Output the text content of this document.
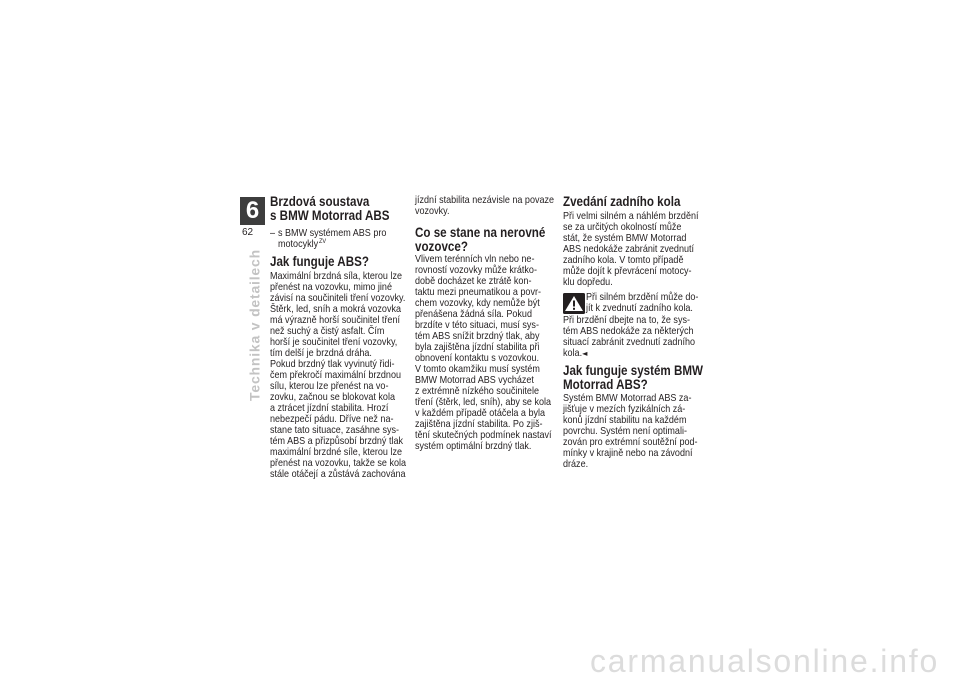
6
62
Technika v detailech
Brzdová soustava
s BMW Motorrad ABS
– s BMW systémem ABS pro
motocykly$^{ZV}$
Jak funguje ABS?
Maximální brzdná síla, kterou lze
přenést na vozovku, mimo jiné
závisí na součiniteli tření vozovky.
Štěrk, led, sníh a mokrá vozovka
má výrazně horší součinitel tření
než suchý a čistý asfalt. Čím
horší je součinitel tření vozovky,
tím delší je brzdná dráha.
Pokud brzdný tlak vyvinutý řidi-
čem překročí maximální brzdnou
sílu, kterou lze přenést na vo-
zovku, začnou se blokovat kola
a ztrácet jízdní stabilita. Hrozí
nebezpečí pádu. Dříve než na-
stane tato situace, zasáhne sys-
tém ABS a přizpůsobí brzdný tlak
maximální brzdné síle, kterou lze
přenést na vozovku, takže se kola
stále otáčejí a zůstává zachována
jízdní stabilita nezávisle na povaze
vozovky.
Co se stane na nerovné
vozovce?
Vlivem terénních vln nebo ne-
rovností vozovky může krátko-
době docházet ke ztrátě kon-
taktu mezi pneumatikou a povr-
chem vozovky, kdy nemůže být
přenášena žádná síla. Pokud
brzdíte v této situaci, musí sys-
tém ABS snížit brzdný tlak, aby
byla zajištěna jízdní stabilita při
obnovení kontaktu s vozovkou.
V tomto okamžiku musí systém
BMW Motorrad ABS vycházet
z extrémně nízkého součinitele
tření (štěrk, led, sníh), aby se kola
v každém případě otáčela a byla
zajištěna jízdní stabilita. Po zjiš-
tění skutečných podmínek nastaví
systém optimální brzdný tlak.
Zvedání zadního kola
Při velmi silném a náhlém brzdění
se za určitých okolností může
stát, že systém BMW Motorrad
ABS nedokáže zabránit zvednutí
zadního kola. V tomto případě
může dojít k převrácení motocy-
klu dopředu.
Při silném brzdění může do-
jít k zvednutí zadního kola.
Při brzdění dbejte na to, že sys-
tém ABS nedokáže za některých
situací zabránit zvednutí zadního
kola.◄
Jak funguje systém BMW
Motorrad ABS?
Systém BMW Motorrad ABS za-
jišťuje v mezích fyzikálních zá-
konů jízdní stabilitu na každém
povrchu. Systém není optimali-
zován pro extrémní soutěžní pod-
mínky v krajině nebo na závodní
dráze.
carmanualsonline.info
